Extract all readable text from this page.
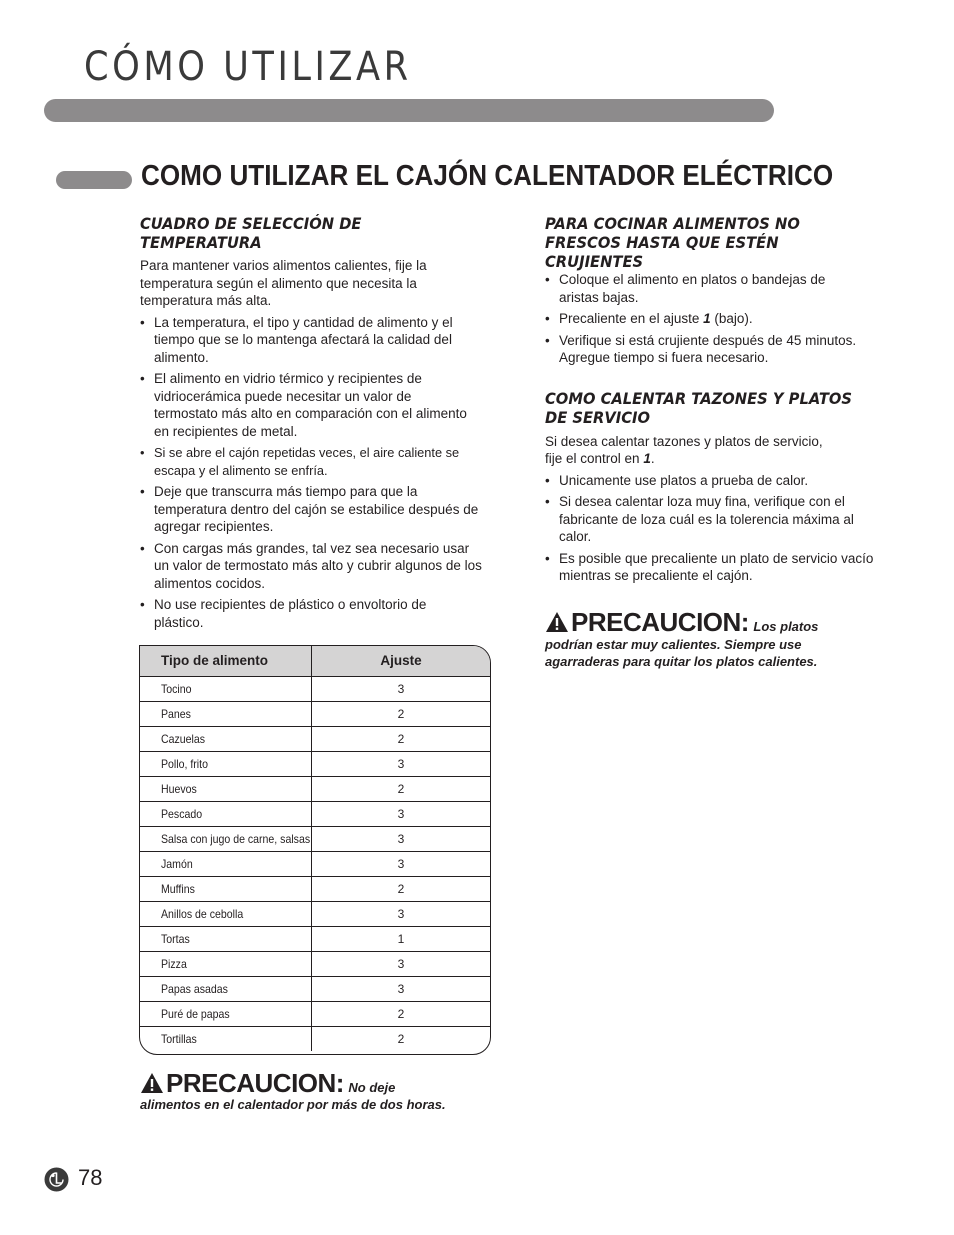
CÓMO UTILIZAR
COMO UTILIZAR EL CAJÓN CALENTADOR ELÉCTRICO
CUADRO DE SELECCIÓN DE
TEMPERATURA

Para mantener varios alimentos calientes, fije la temperatura según el alimento que necesita la temperatura más alta.

• La temperatura, el tipo y cantidad de alimento y el tiempo que se lo mantenga afectará la calidad del alimento.
• El alimento en vidrio térmico y recipientes de vidriocerámica puede necesitar un valor de termostato más alto en comparación con el alimento en recipientes de metal.
• Si se abre el cajón repetidas veces, el aire caliente se escapa y el alimento se enfría.
• Deje que transcurra más tiempo para que la temperatura dentro del cajón se estabilice después de agregar recipientes.
• Con cargas más grandes, tal vez sea necesario usar un valor de termostato más alto y cubrir algunos de los alimentos cocidos.
• No use recipientes de plástico o envoltorio de plástico.
Tipo de alimento	Ajuste
Tocino	3
Panes	2
Cazuelas	2
Pollo, frito	3
Huevos	2
Pescado	3
Salsa con jugo de carne, salsas	3
Jamón	3
Muffins	2
Anillos de cebolla	3
Tortas	1
Pizza	3
Papas asadas	3
Puré de papas	2
Tortillas	2
PRECAUCION: No deje
alimentos en el calentador por más de dos horas.
PARA COCINAR ALIMENTOS NO
FRESCOS HASTA QUE ESTÉN
CRUJIENTES
• Coloque el alimento en platos o bandejas de aristas bajas.
• Precaliente en el ajuste 1 (bajo).
• Verifique si está crujiente después de 45 minutos. Agregue tiempo si fuera necesario.
COMO CALENTAR TAZONES Y PLATOS
DE SERVICIO

Si desea calentar tazones y platos de servicio,
fije el control en 1.

• Unicamente use platos a prueba de calor.
• Si desea calentar loza muy fina, verifique con el fabricante de loza cuál es la tolerencia máxima al calor.
• Es posible que precaliente un plato de servicio vacío mientras se precaliente el cajón.
PRECAUCION: Los platos
podrían estar muy calientes. Siempre use agarraderas para quitar los platos calientes.

78
